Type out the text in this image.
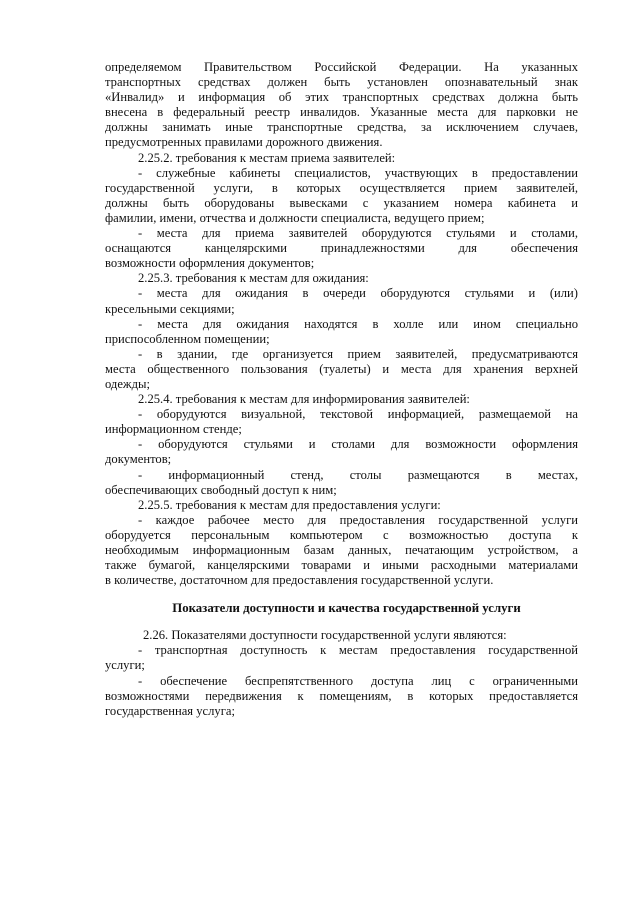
определяемом Правительством Российской Федерации. На указанных
транспортных средствах должен быть установлен опознавательный знак
«Инвалид» и информация об этих транспортных средствах должна быть
внесена в федеральный реестр инвалидов. Указанные места для парковки не
должны занимать иные транспортные средства, за исключением случаев,
предусмотренных правилами дорожного движения.
2.25.2. требования к местам приема заявителей:
- служебные кабинеты специалистов, участвующих в предоставлении
государственной услуги, в которых осуществляется прием заявителей,
должны быть оборудованы вывесками с указанием номера кабинета и
фамилии, имени, отчества и должности специалиста, ведущего прием;
- места для приема заявителей оборудуются стульями и столами,
оснащаются канцелярскими принадлежностями для обеспечения
возможности оформления документов;
2.25.3. требования к местам для ожидания:
- места для ожидания в очереди оборудуются стульями и (или)
кресельными секциями;
- места для ожидания находятся в холле или ином специально
приспособленном помещении;
- в здании, где организуется прием заявителей, предусматриваются
места общественного пользования (туалеты) и места для хранения верхней
одежды;
2.25.4. требования к местам для информирования заявителей:
- оборудуются визуальной, текстовой информацией, размещаемой на
информационном стенде;
- оборудуются стульями и столами для возможности оформления
документов;
- информационный стенд, столы размещаются в местах,
обеспечивающих свободный доступ к ним;
2.25.5. требования к местам для предоставления услуги:
- каждое рабочее место для предоставления государственной услуги
оборудуется персональным компьютером с возможностью доступа к
необходимым информационным базам данных, печатающим устройством, а
также бумагой, канцелярскими товарами и иными расходными материалами
в количестве, достаточном для предоставления государственной услуги.
Показатели доступности и качества государственной услуги
2.26. Показателями доступности государственной услуги являются:
- транспортная доступность к местам предоставления государственной
услуги;
- обеспечение беспрепятственного доступа лиц с ограниченными
возможностями передвижения к помещениям, в которых предоставляется
государственная услуга;
